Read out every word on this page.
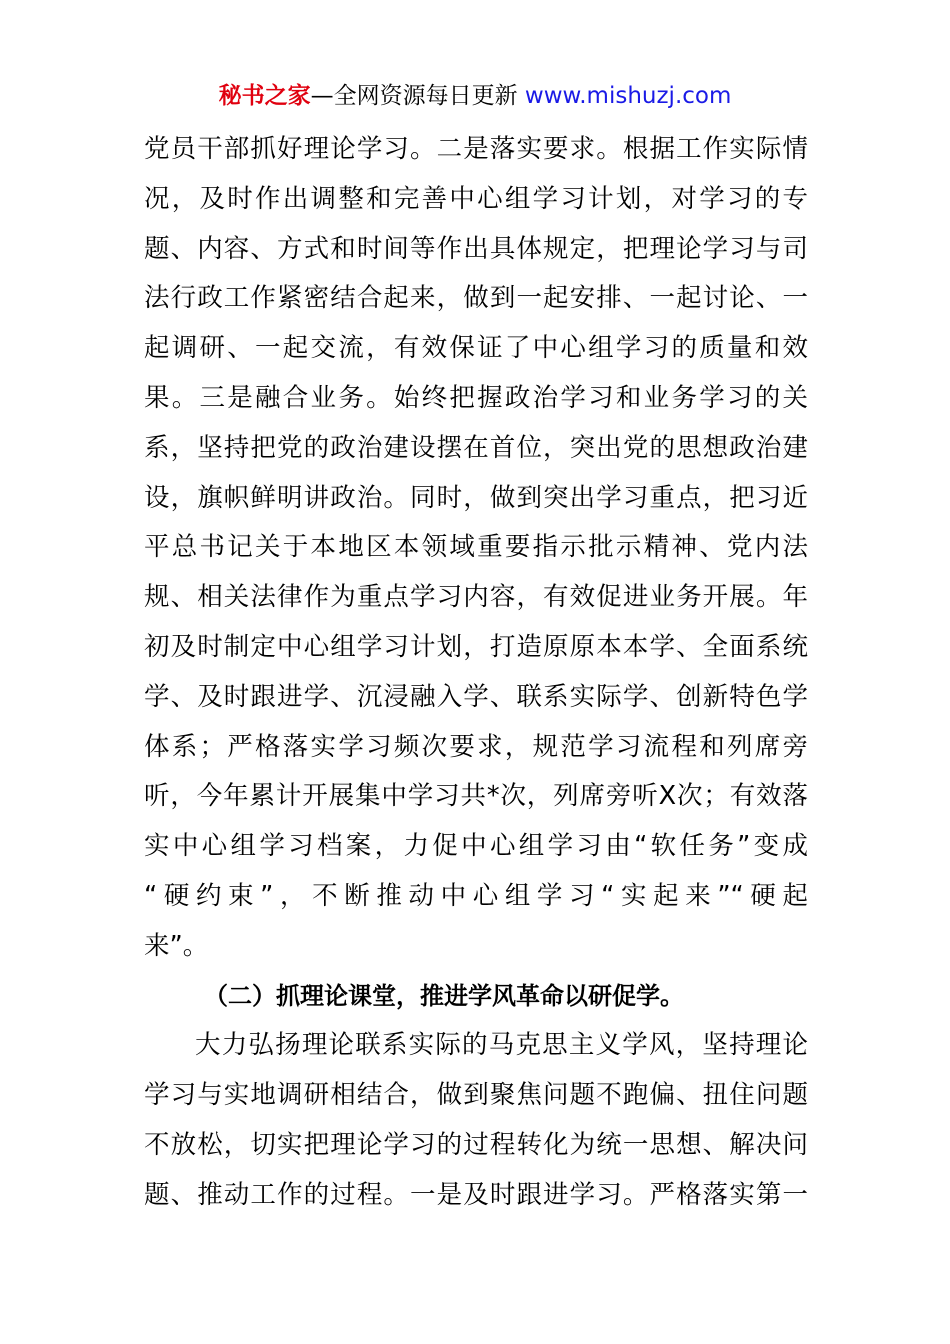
秘书之家—全网资源每日更新 www.mishuzj.com
党员干部抓好理论学习。二是落实要求。根据工作实际情
况，及时作出调整和完善中心组学习计划，对学习的专
题、内容、方式和时间等作出具体规定，把理论学习与司
法行政工作紧密结合起来，做到一起安排、一起讨论、一
起调研、一起交流，有效保证了中心组学习的质量和效
果。三是融合业务。始终把握政治学习和业务学习的关
系，坚持把党的政治建设摆在首位，突出党的思想政治建
设，旗帜鲜明讲政治。同时，做到突出学习重点，把习近
平总书记关于本地区本领域重要指示批示精神、党内法
规、相关法律作为重点学习内容，有效促进业务开展。年
初及时制定中心组学习计划，打造原原本本学、全面系统
学、及时跟进学、沉浸融入学、联系实际学、创新特色学
体系；严格落实学习频次要求，规范学习流程和列席旁
听，今年累计开展集中学习共*次，列席旁听X次；有效落
实中心组学习档案，力促中心组学习由“软任务”变成
“硬约束”，不断推动中心组学习“实起来”“硬起
来”。
（二）抓理论课堂，推进学风革命以研促学。
大力弘扬理论联系实际的马克思主义学风，坚持理论
学习与实地调研相结合，做到聚焦问题不跑偏、扭住问题
不放松，切实把理论学习的过程转化为统一思想、解决问
题、推动工作的过程。一是及时跟进学习。严格落实第一
